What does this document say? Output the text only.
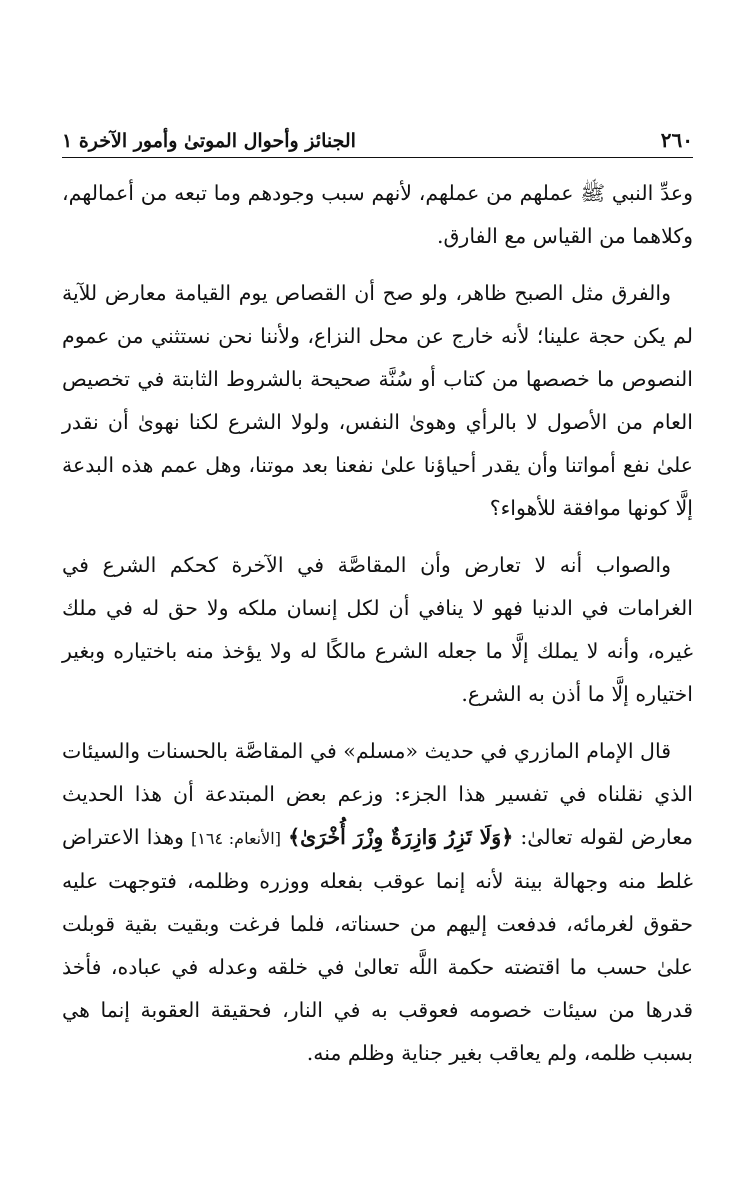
٢٦٠
الجنائز وأحوال الموتىٰ وأمور الآخرة ١

وعدِّ النبي ﷺ عملهم من عملهم، لأنهم سبب وجودهم وما تبعه من أعمالهم، وكلاهما من القياس مع الفارق.

والفرق مثل الصبح ظاهر، ولو صح أن القصاص يوم القيامة معارض للآية لم يكن حجة علينا؛ لأنه خارج عن محل النزاع، ولأننا نحن نستثني من عموم النصوص ما خصصها من كتاب أو سُنَّة صحيحة بالشروط الثابتة في تخصيص العام من الأصول لا بالرأي وهوىٰ النفس، ولولا الشرع لكنا نهوىٰ أن نقدر علىٰ نفع أمواتنا وأن يقدر أحياؤنا علىٰ نفعنا بعد موتنا، وهل عمم هذه البدعة إلَّا كونها موافقة للأهواء؟

والصواب أنه لا تعارض وأن المقاصَّة في الآخرة كحكم الشرع في الغرامات في الدنيا فهو لا ينافي أن لكل إنسان ملكه ولا حق له في ملك غيره، وأنه لا يملك إلَّا ما جعله الشرع مالكًا له ولا يؤخذ منه باختياره وبغير اختياره إلَّا ما أذن به الشرع.

قال الإمام المازري في حديث «مسلم» في المقاصَّة بالحسنات والسيئات الذي نقلناه في تفسير هذا الجزء: وزعم بعض المبتدعة أن هذا الحديث معارض لقوله تعالىٰ: ﴿وَلَا تَزِرُ وَازِرَةٌ وِزْرَ أُخْرَىٰ﴾ [الأنعام: ١٦٤] وهذا الاعتراض غلط منه وجهالة بينة لأنه إنما عوقب بفعله ووزره وظلمه، فتوجهت عليه حقوق لغرمائه، فدفعت إليهم من حسناته، فلما فرغت وبقيت بقية قوبلت علىٰ حسب ما اقتضته حكمة اللَّه تعالىٰ في خلقه وعدله في عباده، فأخذ قدرها من سيئات خصومه فعوقب به في النار، فحقيقة العقوبة إنما هي بسبب ظلمه، ولم يعاقب بغير جناية وظلم منه.
